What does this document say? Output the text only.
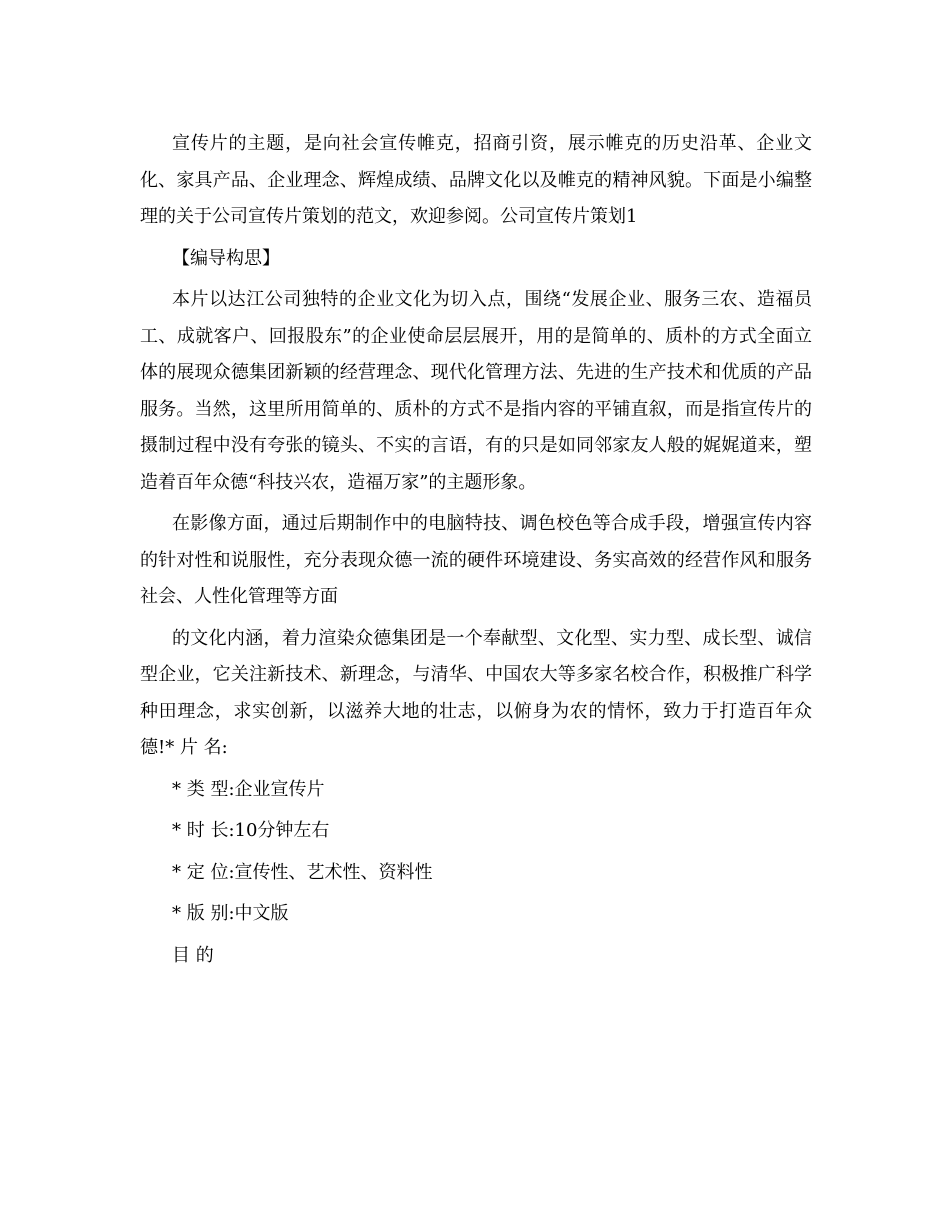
宣传片的主题，是向社会宣传帷克，招商引资，展示帷克的历史沿革、企业文化、家具产品、企业理念、辉煌成绩、品牌文化以及帷克的精神风貌。下面是小编整理的关于公司宣传片策划的范文，欢迎参阅。公司宣传片策划1

【编导构思】

本片以达江公司独特的企业文化为切入点，围绕“发展企业、服务三农、造福员工、成就客户、回报股东”的企业使命层层展开，用的是简单的、质朴的方式全面立体的展现众德集团新颖的经营理念、现代化管理方法、先进的生产技术和优质的产品服务。当然，这里所用简单的、质朴的方式不是指内容的平铺直叙，而是指宣传片的摄制过程中没有夸张的镜头、不实的言语，有的只是如同邻家友人般的娓娓道来，塑造着百年众德“科技兴农，造福万家”的主题形象。

在影像方面，通过后期制作中的电脑特技、调色校色等合成手段，增强宣传内容的针对性和说服性，充分表现众德一流的硬件环境建设、务实高效的经营作风和服务社会、人性化管理等方面

的文化内涵，着力渲染众德集团是一个奉献型、文化型、实力型、成长型、诚信型企业，它关注新技术、新理念，与清华、中国农大等多家名校合作，积极推广科学种田理念，求实创新，以滋养大地的壮志，以俯身为农的情怀，致力于打造百年众德!* 片 名:

* 类 型:企业宣传片

* 时 长:10分钟左右

* 定 位:宣传性、艺术性、资料性

* 版 别:中文版

目 的
